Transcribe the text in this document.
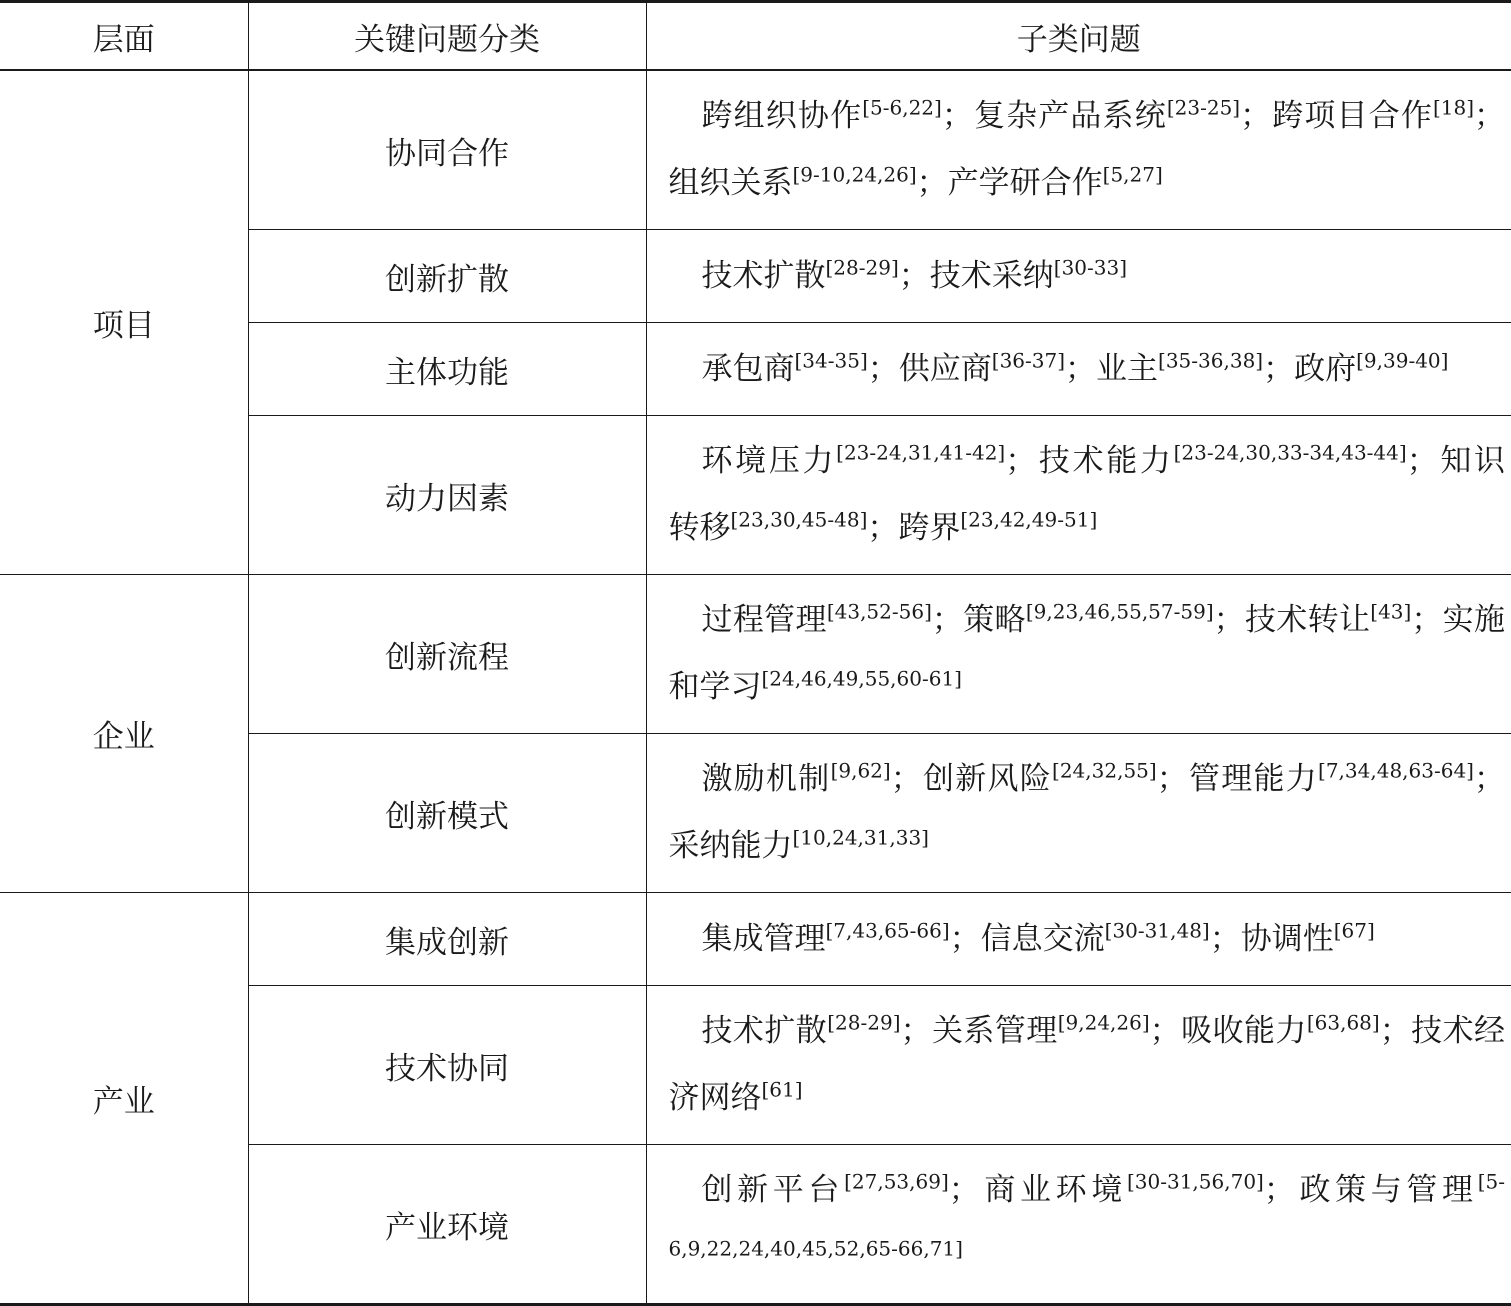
层面	关键问题分类	子类问题
项目	协同合作	跨组织协作[5-6,22]；复杂产品系统[23-25]；跨项目合作[18]；组织关系[9-10,24,26]；产学研合作[5,27]
	创新扩散	技术扩散[28-29]；技术采纳[30-33]
	主体功能	承包商[34-35]；供应商[36-37]；业主[35-36,38]；政府[9,39-40]
	动力因素	环境压力[23-24,31,41-42]；技术能力[23-24,30,33-34,43-44]；知识转移[23,30,45-48]；跨界[23,42,49-51]
企业	创新流程	过程管理[43,52-56]；策略[9,23,46,55,57-59]；技术转让[43]；实施和学习[24,46,49,55,60-61]
	创新模式	激励机制[9,62]；创新风险[24,32,55]；管理能力[7,34,48,63-64]；采纳能力[10,24,31,33]
产业	集成创新	集成管理[7,43,65-66]；信息交流[30-31,48]；协调性[67]
	技术协同	技术扩散[28-29]；关系管理[9,24,26]；吸收能力[63,68]；技术经济网络[61]
	产业环境	创新平台[27,53,69]；商业环境[30-31,56,70]；政策与管理[5-6,9,22,24,40,45,52,65-66,71]
